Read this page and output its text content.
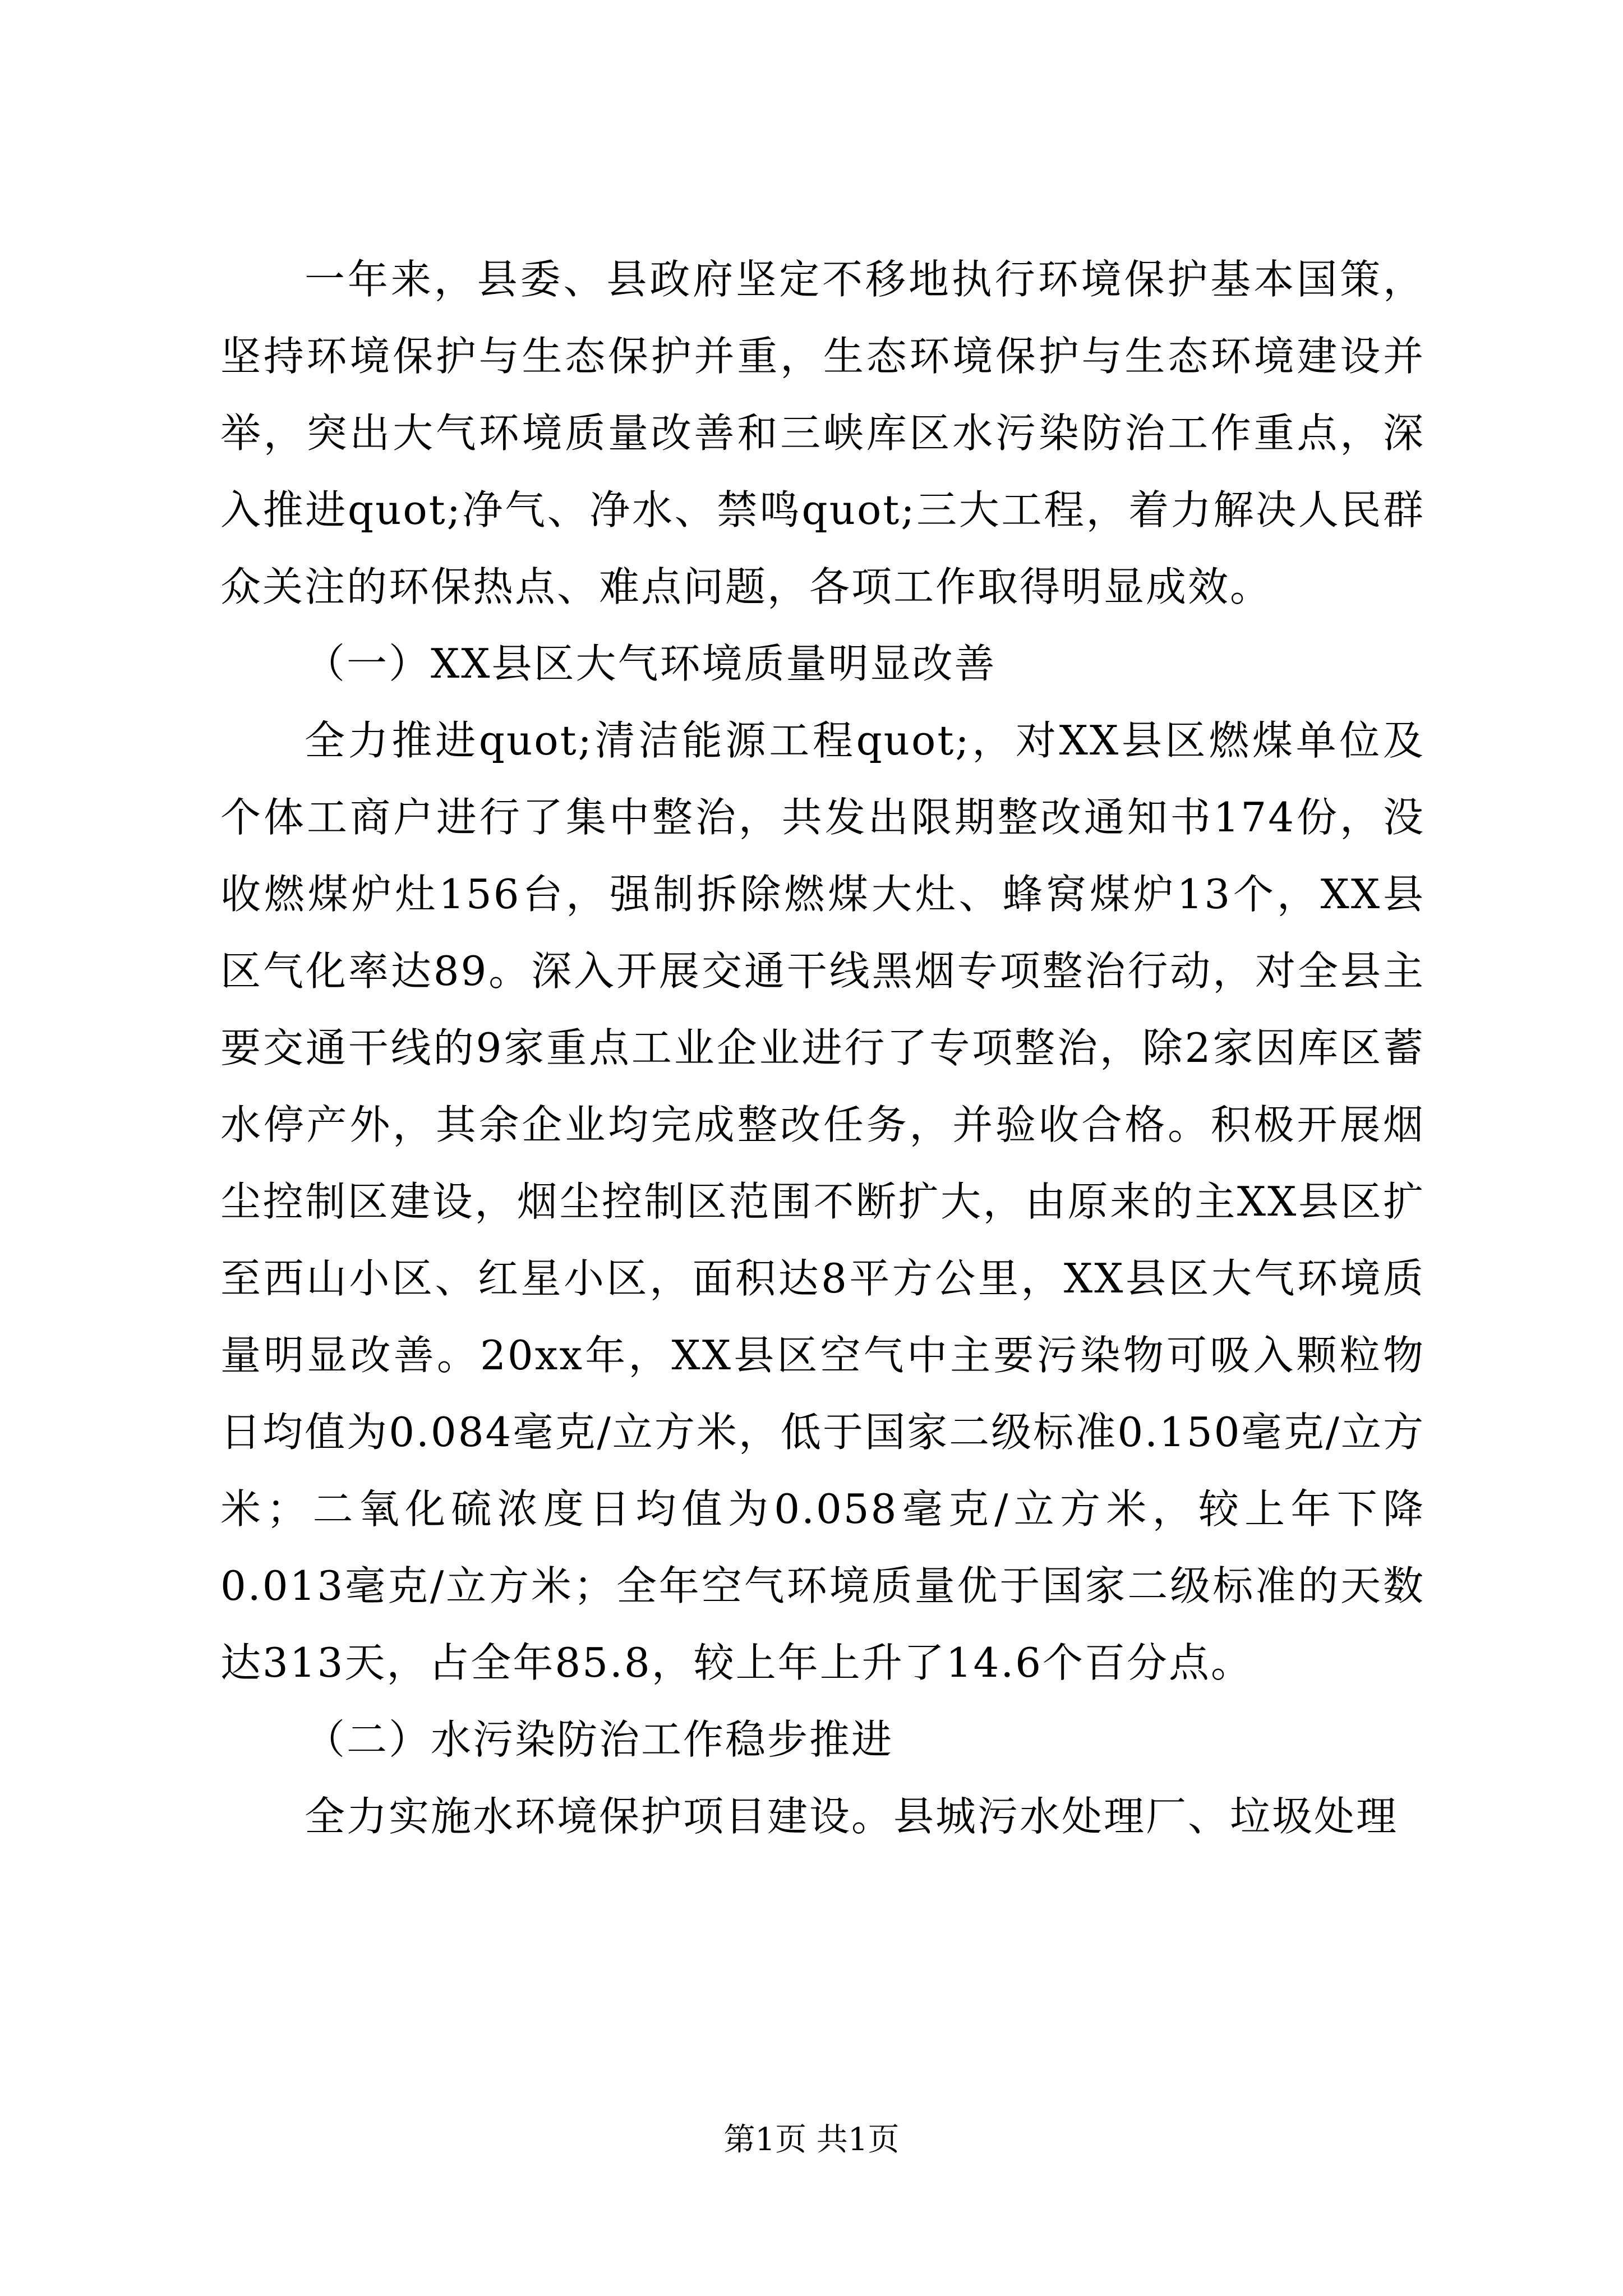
一年来，县委、县政府坚定不移地执行环境保护基本国策，坚持环境保护与生态保护并重，生态环境保护与生态环境建设并举，突出大气环境质量改善和三峡库区水污染防治工作重点，深入推进quot;净气、净水、禁鸣quot;三大工程，着力解决人民群众关注的环保热点、难点问题，各项工作取得明显成效。

（一）XX县区大气环境质量明显改善

全力推进quot;清洁能源工程quot;，对XX县区燃煤单位及个体工商户进行了集中整治，共发出限期整改通知书174份，没收燃煤炉灶156台，强制拆除燃煤大灶、蜂窝煤炉13个，XX县区气化率达89。深入开展交通干线黑烟专项整治行动，对全县主要交通干线的9家重点工业企业进行了专项整治，除2家因库区蓄水停产外，其余企业均完成整改任务，并验收合格。积极开展烟尘控制区建设，烟尘控制区范围不断扩大，由原来的主XX县区扩至西山小区、红星小区，面积达8平方公里，XX县区大气环境质量明显改善。20xx年，XX县区空气中主要污染物可吸入颗粒物日均值为0.084毫克/立方米，低于国家二级标准0.150毫克/立方米；二氧化硫浓度日均值为0.058毫克/立方米，较上年下降0.013毫克/立方米；全年空气环境质量优于国家二级标准的天数达313天，占全年85.8，较上年上升了14.6个百分点。

（二）水污染防治工作稳步推进

全力实施水环境保护项目建设。县城污水处理厂、垃圾处理

第1页 共1页
